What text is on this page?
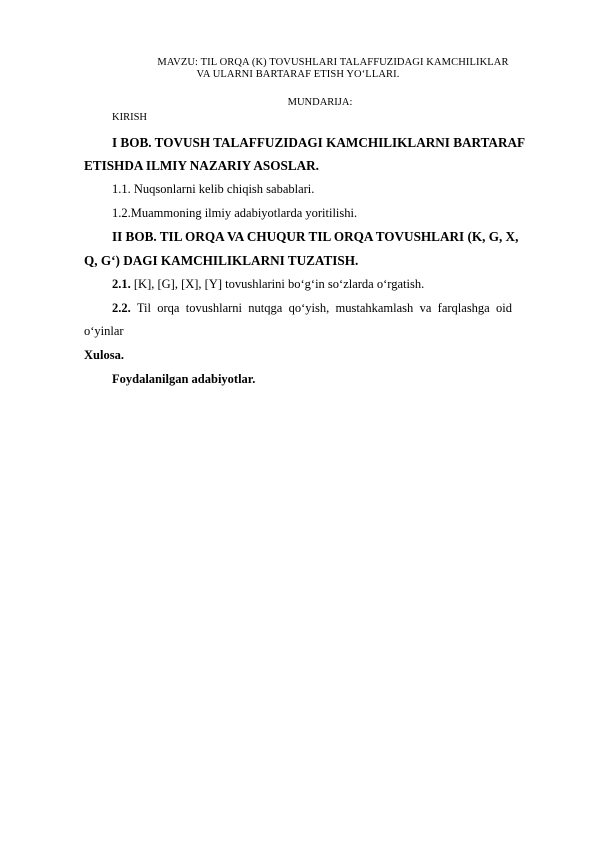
MAVZU: TIL ORQA (K) TOVUSHLARI TALAFFUZIDAGI KAMCHILIKLAR
VA ULARNI BARTARAF ETISH YO‘LLARI.
MUNDARIJA:
KIRISH
I BOB. TOVUSH TALAFFUZIDAGI KAMCHILIKLARNI BARTARAF
ETISHDA ILMIY NAZARIY ASOSLAR.
1.1. Nuqsonlarni kelib chiqish sabablari.
1.2.Muammoning ilmiy adabiyotlarda yoritilishi.
II BOB. TIL ORQA VA CHUQUR TIL ORQA TOVUSHLARI (K, G, X,
Q, G‘) DAGI KAMCHILIKLARNI TUZATISH.
2.1. [K], [G], [X], [Y] tovushlarini bo‘g‘in so‘zlarda o‘rgatish.
2.2. Til orqa tovushlarni nutqga qo‘yish, mustahkamlash va farqlashga oid
o‘yinlar
Xulosa.
Foydalanilgan adabiyotlar.
